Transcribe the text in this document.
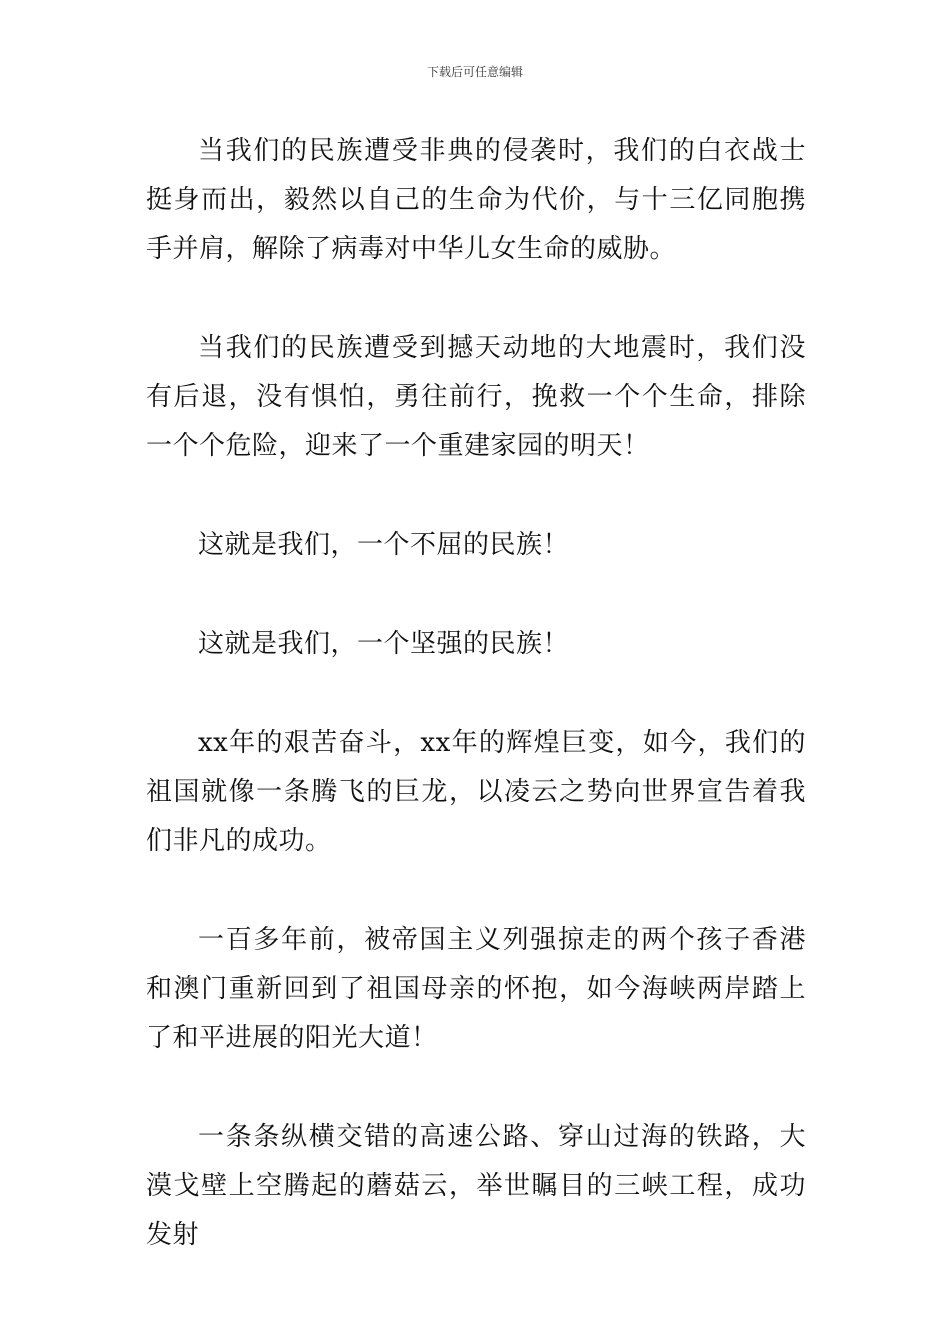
下载后可任意编辑

当我们的民族遭受非典的侵袭时，我们的白衣战士挺身而出，毅然以自己的生命为代价，与十三亿同胞携手并肩，解除了病毒对中华儿女生命的威胁。

当我们的民族遭受到撼天动地的大地震时，我们没有后退，没有惧怕，勇往前行，挽救一个个生命，排除一个个危险，迎来了一个重建家园的明天！

这就是我们，一个不屈的民族！

这就是我们，一个坚强的民族！

xx年的艰苦奋斗，xx年的辉煌巨变，如今，我们的祖国就像一条腾飞的巨龙，以凌云之势向世界宣告着我们非凡的成功。

一百多年前，被帝国主义列强掠走的两个孩子香港和澳门重新回到了祖国母亲的怀抱，如今海峡两岸踏上了和平进展的阳光大道！

一条条纵横交错的高速公路、穿山过海的铁路，大漠戈壁上空腾起的蘑菇云，举世瞩目的三峡工程，成功发射
